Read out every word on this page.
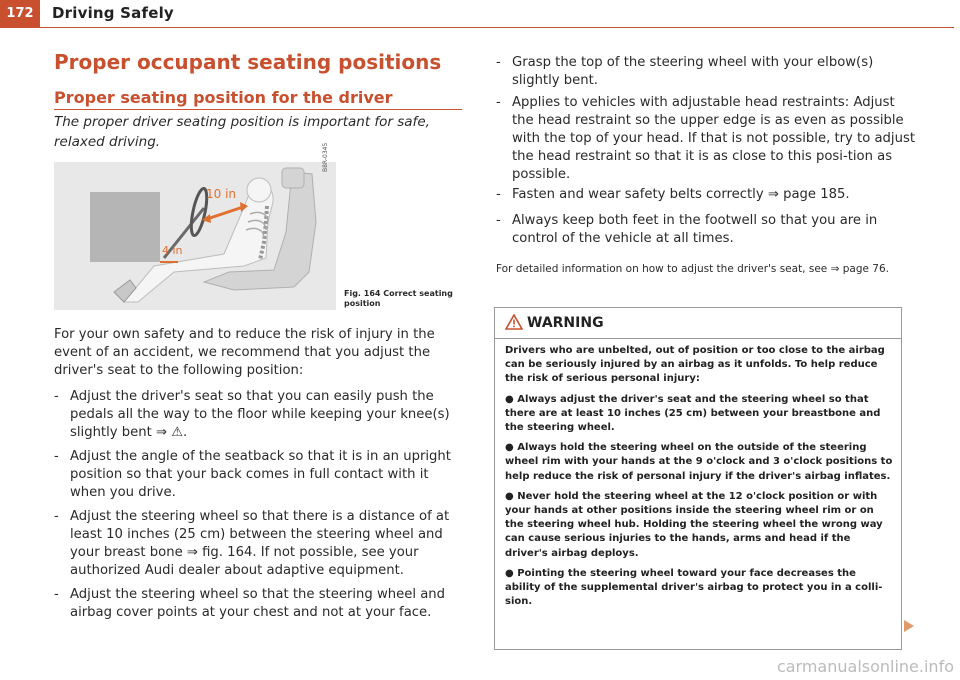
172	Driving Safely
Proper occupant seating positions
Proper seating position for the driver
The proper driver seating position is important for safe, relaxed driving.
10 in
4 in
B8R-0345
Fig. 164 Correct seating position
For your own safety and to reduce the risk of injury in the event of an accident, we recommend that you adjust the driver's seat to the following position:
- Adjust the driver's seat so that you can easily push the pedals all the way to the floor while keeping your knee(s) slightly bent ⇒ ⚠.
- Adjust the angle of the seatback so that it is in an upright position so that your back comes in full contact with it when you drive.
- Adjust the steering wheel so that there is a distance of at least 10 inches (25 cm) between the steering wheel and your breast bone ⇒ fig. 164. If not possible, see your authorized Audi dealer about adaptive equipment.
- Adjust the steering wheel so that the steering wheel and airbag cover points at your chest and not at your face.
- Grasp the top of the steering wheel with your elbow(s) slightly bent.
- Applies to vehicles with adjustable head restraints: Adjust the head restraint so the upper edge is as even as possible with the top of your head. If that is not possible, try to adjust the head restraint so that it is as close to this posi-tion as possible.
- Fasten and wear safety belts correctly ⇒ page 185.
- Always keep both feet in the footwell so that you are in control of the vehicle at all times.
For detailed information on how to adjust the driver's seat, see ⇒ page 76.
WARNING

Drivers who are unbelted, out of position or too close to the airbag can be seriously injured by an airbag as it unfolds. To help reduce the risk of serious personal injury:

● Always adjust the driver's seat and the steering wheel so that there are at least 10 inches (25 cm) between your breastbone and the steering wheel.

● Always hold the steering wheel on the outside of the steering wheel rim with your hands at the 9 o'clock and 3 o'clock positions to help reduce the risk of personal injury if the driver's airbag inflates.

● Never hold the steering wheel at the 12 o'clock position or with your hands at other positions inside the steering wheel rim or on the steering wheel hub. Holding the steering wheel the wrong way can cause serious injuries to the hands, arms and head if the driver's airbag deploys.

● Pointing the steering wheel toward your face decreases the ability of the supplemental driver's airbag to protect you in a colli-sion.

carmanualsonline.info
